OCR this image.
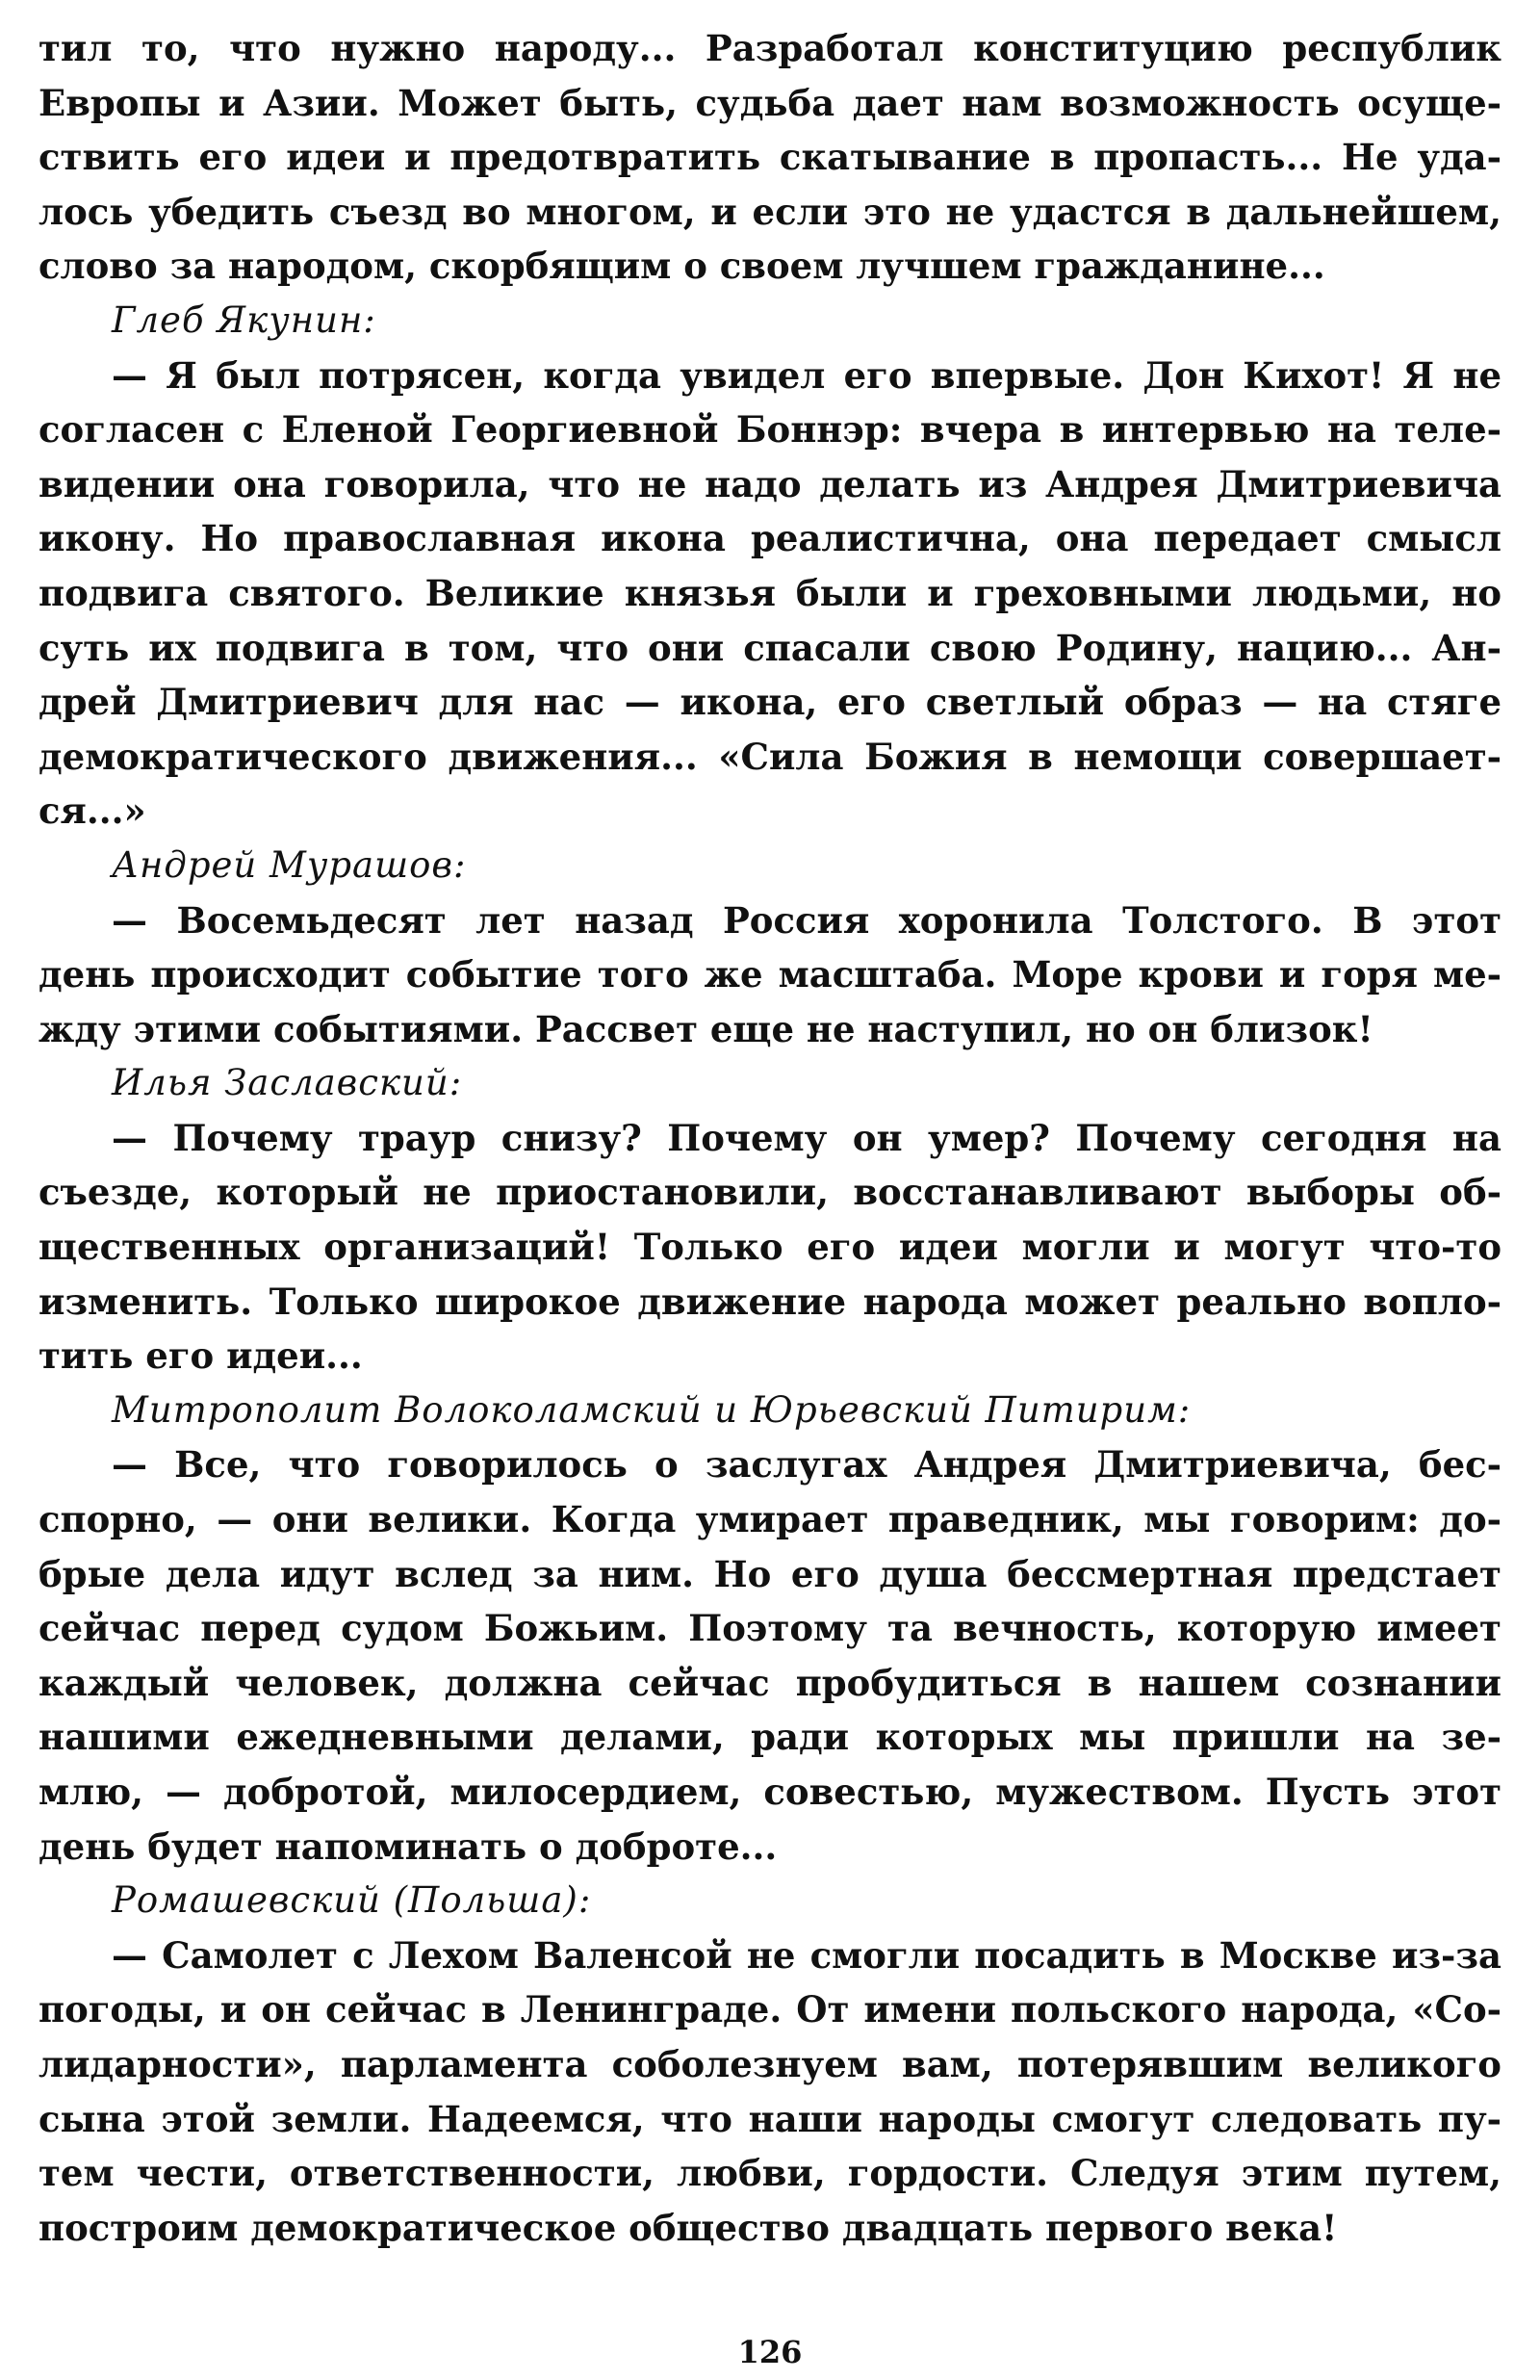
тил то, что нужно народу... Разработал конституцию республик
Европы и Азии. Может быть, судьба дает нам возможность осуще-
ствить его идеи и предотвратить скатывание в пропасть... Не уда-
лось убедить съезд во многом, и если это не удастся в дальнейшем,
слово за народом, скорбящим о своем лучшем гражданине...
Глеб Якунин:
— Я был потрясен, когда увидел его впервые. Дон Кихот! Я не
согласен с Еленой Георгиевной Боннэр: вчера в интервью на теле-
видении она говорила, что не надо делать из Андрея Дмитриевича
икону. Но православная икона реалистична, она передает смысл
подвига святого. Великие князья были и греховными людьми, но
суть их подвига в том, что они спасали свою Родину, нацию... Ан-
дрей Дмитриевич для нас — икона, его светлый образ — на стяге
демократического движения... «Сила Божия в немощи совершает-
ся...»
Андрей Мурашов:
— Восемьдесят лет назад Россия хоронила Толстого. В этот
день происходит событие того же масштаба. Море крови и горя ме-
жду этими событиями. Рассвет еще не наступил, но он близок!
Илья Заславский:
— Почему траур снизу? Почему он умер? Почему сегодня на
съезде, который не приостановили, восстанавливают выборы об-
щественных организаций! Только его идеи могли и могут что-то
изменить. Только широкое движение народа может реально вопло-
тить его идеи...
Митрополит Волоколамский и Юрьевский Питирим:
— Все, что говорилось о заслугах Андрея Дмитриевича, бес-
спорно, — они велики. Когда умирает праведник, мы говорим: до-
брые дела идут вслед за ним. Но его душа бессмертная предстает
сейчас перед судом Божьим. Поэтому та вечность, которую имеет
каждый человек, должна сейчас пробудиться в нашем сознании
нашими ежедневными делами, ради которых мы пришли на зе-
млю, — добротой, милосердием, совестью, мужеством. Пусть этот
день будет напоминать о доброте...
Ромашевский (Польша):
— Самолет с Лехом Валенсой не смогли посадить в Москве из-за
погоды, и он сейчас в Ленинграде. От имени польского народа, «Со-
лидарности», парламента соболезнуем вам, потерявшим великого
сына этой земли. Надеемся, что наши народы смогут следовать пу-
тем чести, ответственности, любви, гордости. Следуя этим путем,
построим демократическое общество двадцать первого века!
126
